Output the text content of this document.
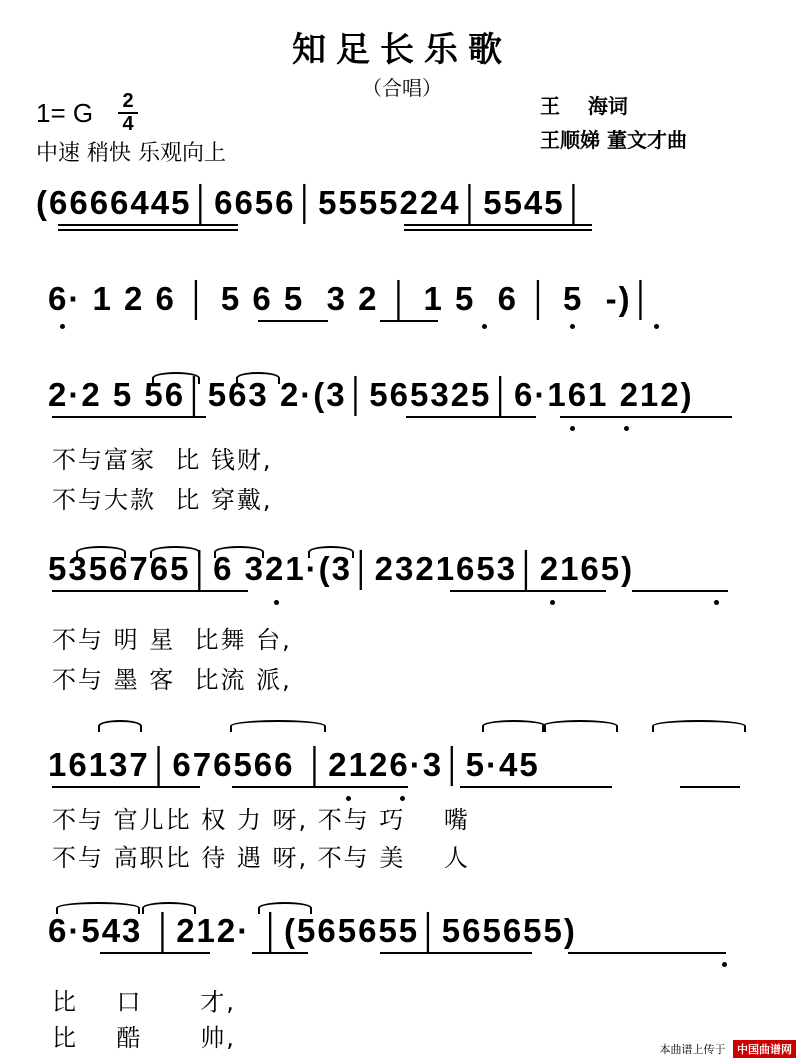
知足长乐歌
（合唱）
1= G 2
4
中速 稍快 乐观向上
王    海词
王顺娣 董文才曲
(6666445│6656│5555224│5545│
6· 1 2 6 │ 5 6 5  3 2 │ 1 5  6 │ 5  -)│
2·2 5 56│563 2·(3│565325│6·161 212)
不与富家  比 钱财,
不与大款  比 穿戴,
5356765│6 321·(3│2321653│2165)
不与 明 星  比舞 台,
不与 墨 客  比流 派,
16137│676566 │2126·3│5·45
不与 官儿比 权 力 呀, 不与 巧    嘴
不与 高职比 待 遇 呀, 不与 美    人
6·543 │212· │(565655│565655)
比    口      才,
比    酷      帅,	本曲谱上传于 中国曲谱网
